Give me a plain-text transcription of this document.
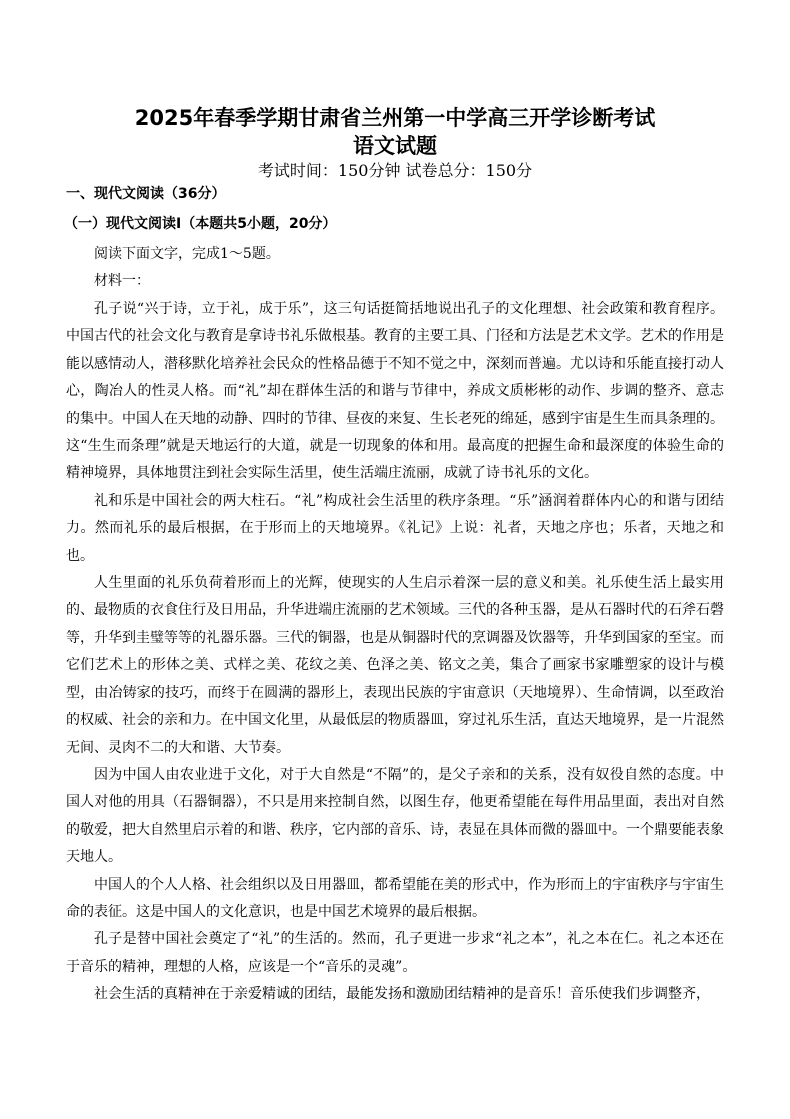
2025年春季学期甘肃省兰州第一中学高三开学诊断考试
语文试题
考试时间：150分钟 试卷总分：150分
一、现代文阅读（36分）
（一）现代文阅读Ⅰ（本题共5小题，20分）
阅读下面文字，完成1～5题。
材料一：

孔子说“兴于诗，立于礼，成于乐”，这三句话挺简括地说出孔子的文化理想、社会政策和教育程序。中国古代的社会文化与教育是拿诗书礼乐做根基。教育的主要工具、门径和方法是艺术文学。艺术的作用是能以感情动人，潜移默化培养社会民众的性格品德于不知不觉之中，深刻而普遍。尤以诗和乐能直接打动人心，陶冶人的性灵人格。而“礼”却在群体生活的和谐与节律中，养成文质彬彬的动作、步调的整齐、意志的集中。中国人在天地的动静、四时的节律、昼夜的来复、生长老死的绵延，感到宇宙是生生而具条理的。这“生生而条理”就是天地运行的大道，就是一切现象的体和用。最高度的把握生命和最深度的体验生命的精神境界，具体地贯注到社会实际生活里，使生活端庄流丽，成就了诗书礼乐的文化。

礼和乐是中国社会的两大柱石。“礼”构成社会生活里的秩序条理。“乐”涵润着群体内心的和谐与团结力。然而礼乐的最后根据，在于形而上的天地境界。《礼记》上说：礼者，天地之序也；乐者，天地之和也。

人生里面的礼乐负荷着形而上的光辉，使现实的人生启示着深一层的意义和美。礼乐使生活上最实用的、最物质的衣食住行及日用品，升华进端庄流丽的艺术领域。三代的各种玉器，是从石器时代的石斧石磬等，升华到圭璧等等的礼器乐器。三代的铜器，也是从铜器时代的烹调器及饮器等，升华到国家的至宝。而它们艺术上的形体之美、式样之美、花纹之美、色泽之美、铭文之美，集合了画家书家雕塑家的设计与模型，由冶铸家的技巧，而终于在圆满的器形上，表现出民族的宇宙意识（天地境界）、生命情调，以至政治的权威、社会的亲和力。在中国文化里，从最低层的物质器皿，穿过礼乐生活，直达天地境界，是一片混然无间、灵肉不二的大和谐、大节奏。

因为中国人由农业进于文化，对于大自然是“不隔”的，是父子亲和的关系，没有奴役自然的态度。中国人对他的用具（石器铜器），不只是用来控制自然，以图生存，他更希望能在每件用品里面，表出对自然的敬爱，把大自然里启示着的和谐、秩序，它内部的音乐、诗，表显在具体而微的器皿中。一个鼎要能表象天地人。

中国人的个人人格、社会组织以及日用器皿，都希望能在美的形式中，作为形而上的宇宙秩序与宇宙生命的表征。这是中国人的文化意识，也是中国艺术境界的最后根据。

孔子是替中国社会奠定了“礼”的生活的。然而，孔子更进一步求“礼之本”，礼之本在仁。礼之本还在于音乐的精神，理想的人格，应该是一个“音乐的灵魂”。

社会生活的真精神在于亲爱精诚的团结，最能发扬和激励团结精神的是音乐！音乐使我们步调整齐，
